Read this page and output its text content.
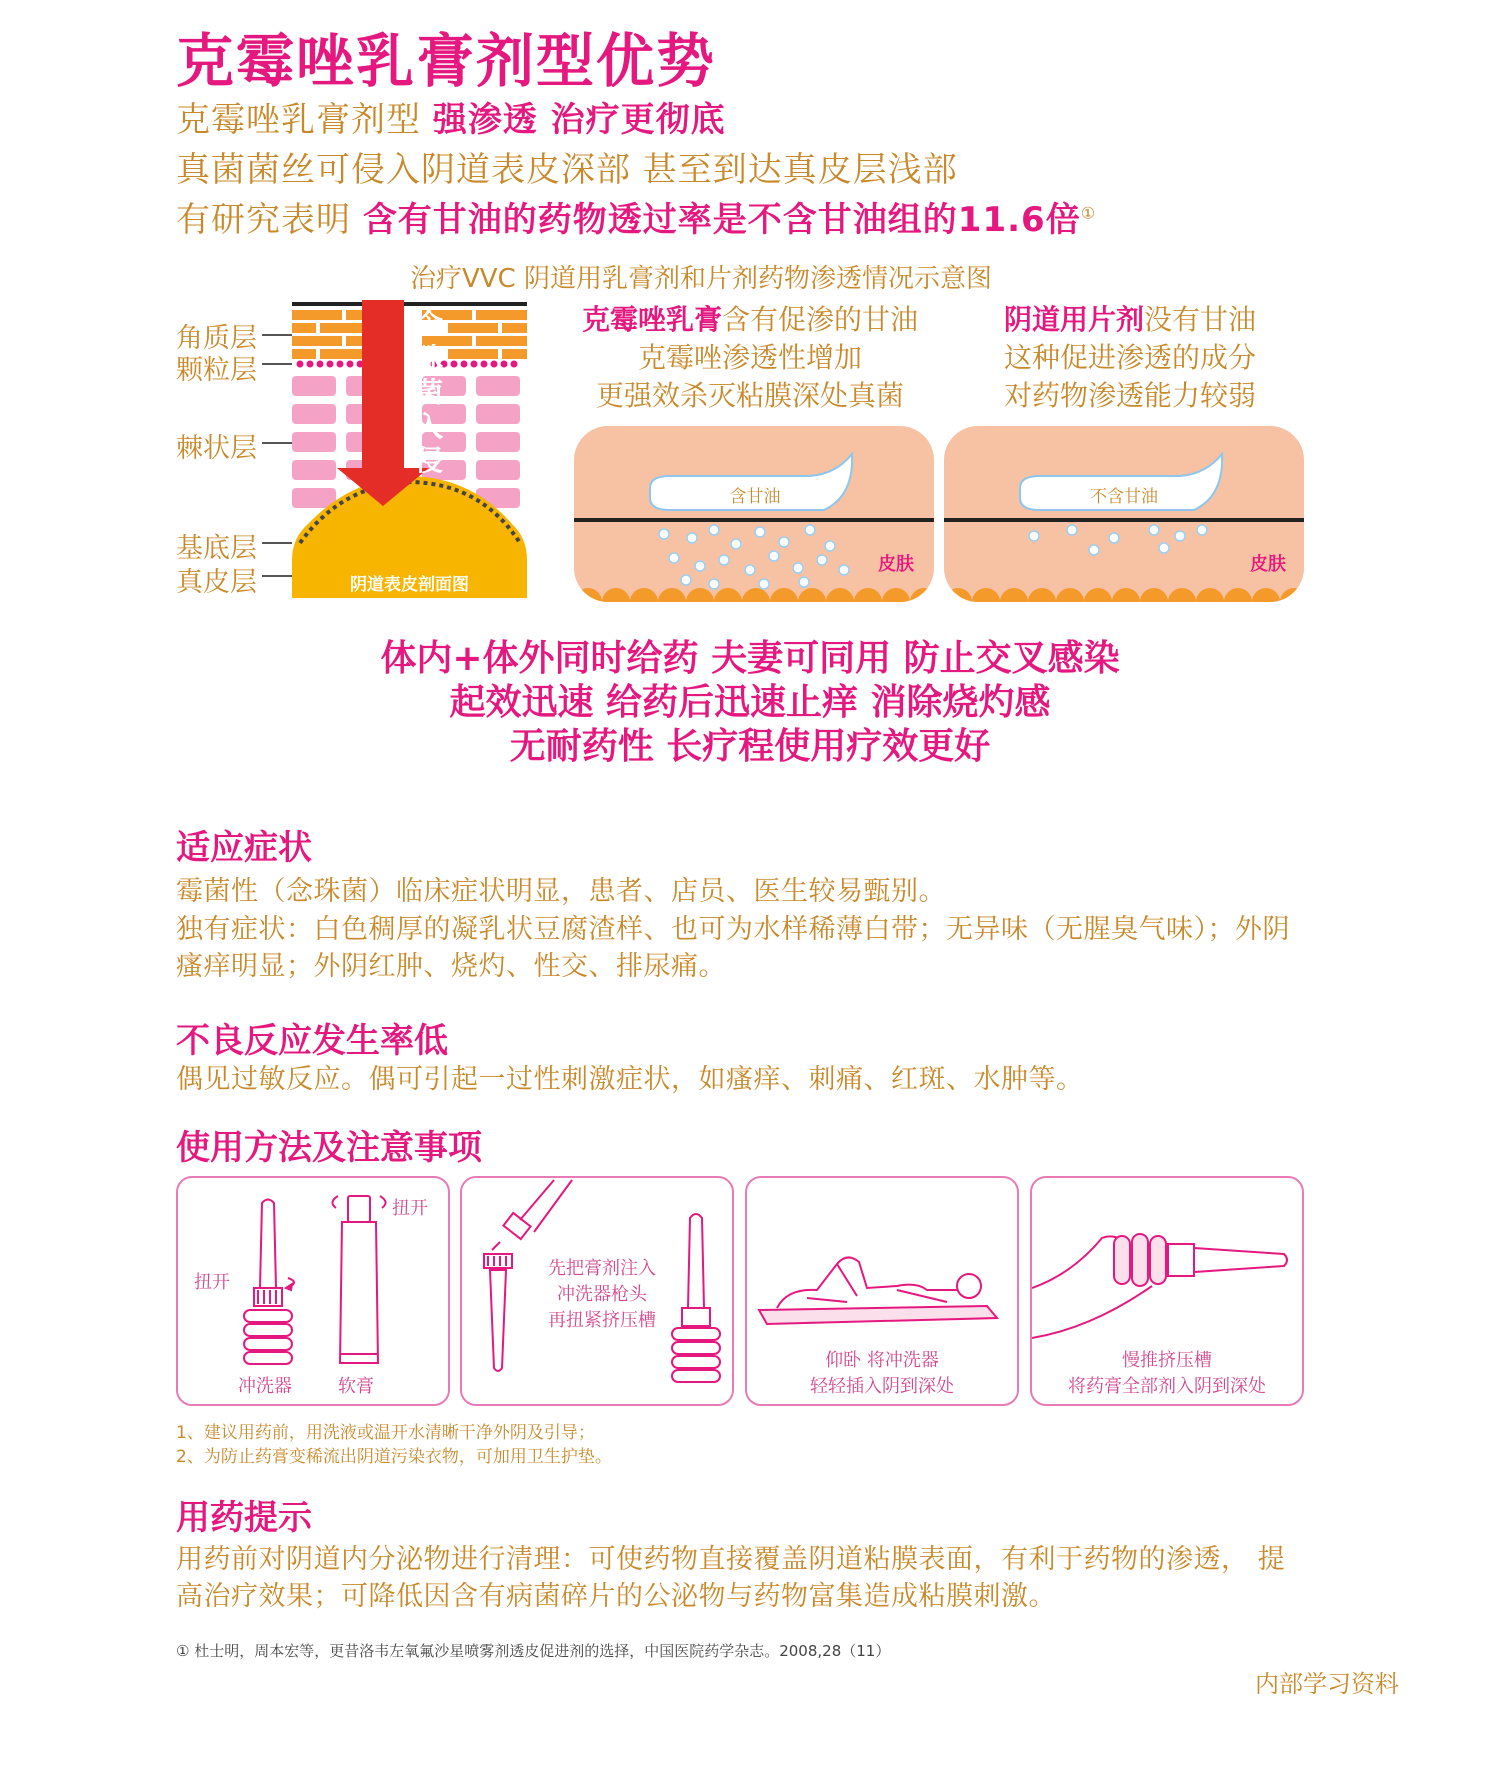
克霉唑乳膏剂型优势
克霉唑乳膏剂型 强渗透 治疗更彻底
真菌菌丝可侵入阴道表皮深部 甚至到达真皮层浅部
有研究表明 含有甘油的药物透过率是不含甘油组的11.6倍①
治疗VVC 阴道用乳膏剂和片剂药物渗透情况示意图
角质层
颗粒层
棘状层
基底层
真皮层
念
珠
菌
入
侵
阴道表皮剖面图
克霉唑乳膏含有促渗的甘油
克霉唑渗透性增加
更强效杀灭粘膜深处真菌
阴道用片剂没有甘油
这种促进渗透的成分
对药物渗透能力较弱
含甘油
皮肤
不含甘油
皮肤
体内+体外同时给药 夫妻可同用 防止交叉感染
起效迅速 给药后迅速止痒 消除烧灼感
无耐药性 长疗程使用疗效更好
适应症状
霉菌性（念珠菌）临床症状明显，患者、店员、医生较易甄别。
独有症状：白色稠厚的凝乳状豆腐渣样、也可为水样稀薄白带；无异味（无腥臭气味）；外阴瘙痒明显；外阴红肿、烧灼、性交、排尿痛。
不良反应发生率低
偶见过敏反应。偶可引起一过性刺激症状，如瘙痒、刺痛、红斑、水肿等。
使用方法及注意事项
扭开
扭开
冲洗器	软膏
先把膏剂注入
冲洗器枪头
再扭紧挤压槽
仰卧 将冲洗器
轻轻插入阴到深处
慢推挤压槽
将药膏全部剂入阴到深处
1、建议用药前，用洗液或温开水清晰干净外阴及引导；
2、为防止药膏变稀流出阴道污染衣物，可加用卫生护垫。
用药提示
用药前对阴道内分泌物进行清理：可使药物直接覆盖阴道粘膜表面，有利于药物的渗透， 提高治疗效果；可降低因含有病菌碎片的公泌物与药物富集造成粘膜刺激。
① 杜士明，周本宏等，更昔洛韦左氧氟沙星喷雾剂透皮促进剂的选择，中国医院药学杂志。2008,28（11）
内部学习资料
